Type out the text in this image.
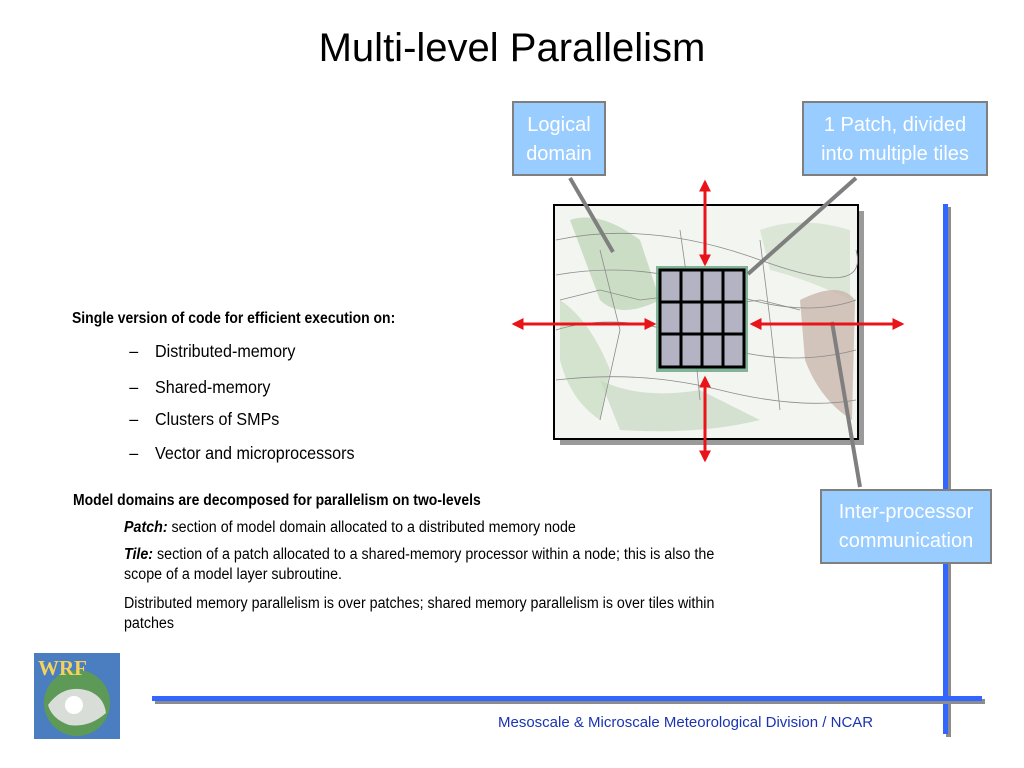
Multi-level Parallelism
Logical
domain
1 Patch, divided
into multiple tiles
Inter-processor
communication
Single version of code for efficient execution on:
– Distributed-memory
– Shared-memory
– Clusters of SMPs
– Vector and microprocessors
Model domains are decomposed for parallelism on two-levels
Patch: section of model domain allocated to a distributed memory node
Tile: section of a patch allocated to a shared-memory processor within a node; this is also the scope of a model layer subroutine.
Distributed memory parallelism is over patches; shared memory parallelism is over tiles within patches
WRF
Mesoscale & Microscale Meteorological Division / NCAR
